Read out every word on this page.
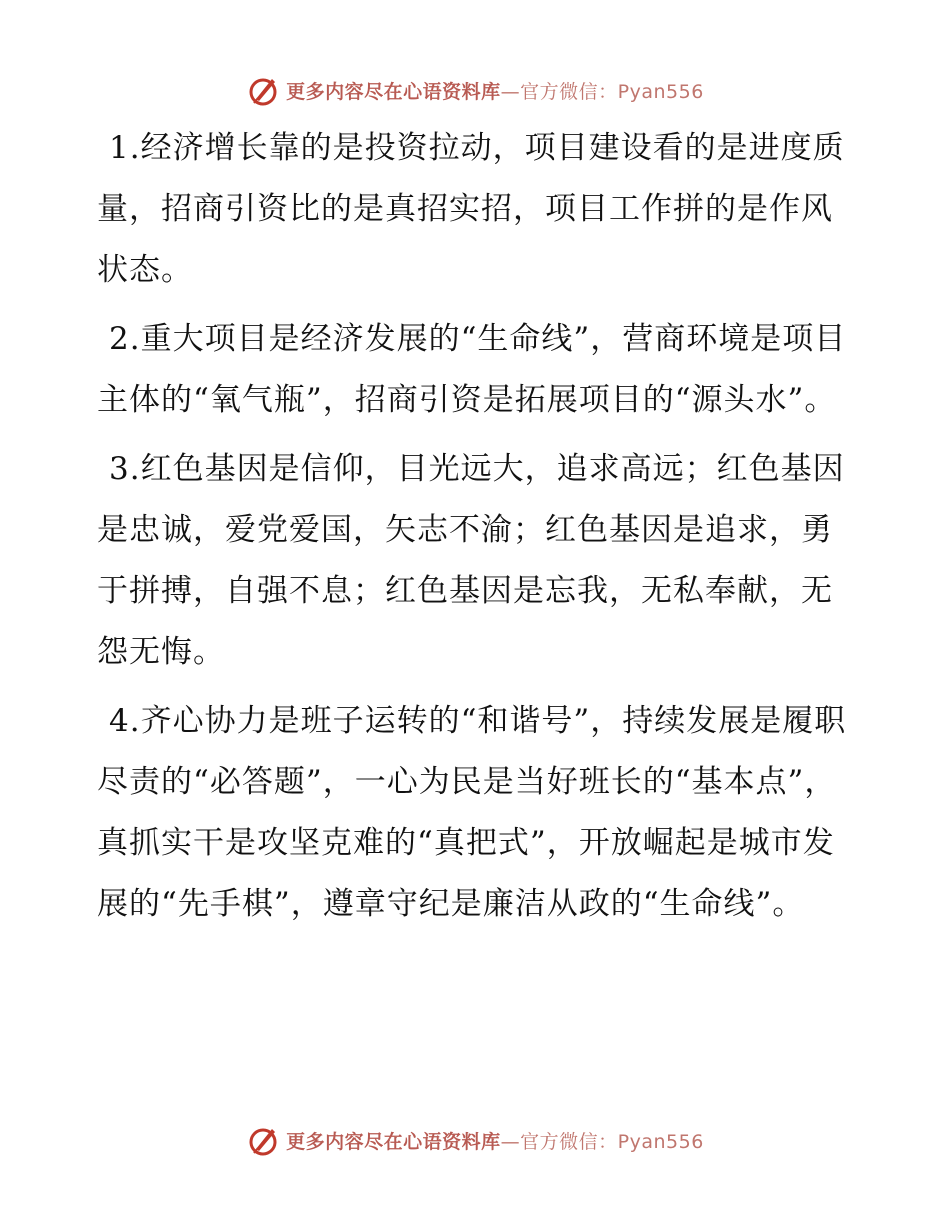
更多内容尽在心语资料库—官方微信：Pyan556

1.经济增长靠的是投资拉动，项目建设看的是进度质量，招商引资比的是真招实招，项目工作拼的是作风状态。

2.重大项目是经济发展的“生命线”，营商环境是项目主体的“氧气瓶”，招商引资是拓展项目的“源头水”。

3.红色基因是信仰，目光远大，追求高远；红色基因是忠诚，爱党爱国，矢志不渝；红色基因是追求，勇于拼搏，自强不息；红色基因是忘我，无私奉献，无怨无悔。

4.齐心协力是班子运转的“和谐号”，持续发展是履职尽责的“必答题”，一心为民是当好班长的“基本点”，真抓实干是攻坚克难的“真把式”，开放崛起是城市发展的“先手棋”，遵章守纪是廉洁从政的“生命线”。

更多内容尽在心语资料库—官方微信：Pyan556
